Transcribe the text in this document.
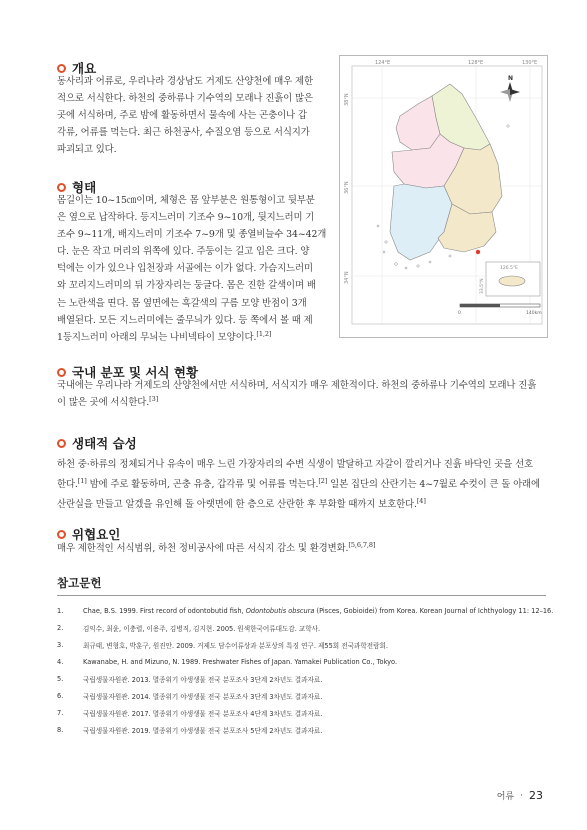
개요
동사리과 어류로, 우리나라 경상남도 거제도 산양천에 매우 제한
적으로 서식한다. 하천의 중하류나 기수역의 모래나 진흙이 많은
곳에 서식하며, 주로 밤에 활동하면서 물속에 사는 곤충이나 갑
각류, 어류를 먹는다. 최근 하천공사, 수질오염 등으로 서식지가
파괴되고 있다.
형태
몸길이는 10~15㎝이며, 체형은 몸 앞부분은 원통형이고 뒷부분
은 옆으로 납작하다. 등지느러미 기조수 9~10개, 뒷지느러미 기
조수 9~11개, 배지느러미 기조수 7~9개 및 종열비늘수 34~42개
다. 눈은 작고 머리의 위쪽에 있다. 주둥이는 길고 입은 크다. 양
턱에는 이가 있으나 입천장과 서골에는 이가 없다. 가슴지느러미
와 꼬리지느러미의 뒤 가장자리는 둥글다. 몸은 진한 갈색이며 배
는 노란색을 띤다. 몸 옆면에는 흑갈색의 구름 모양 반점이 3개
배열된다. 모든 지느러미에는 줄무늬가 있다. 등 쪽에서 볼 때 제
1등지느러미 아래의 무늬는 나비넥타이 모양이다.[1,2]
124°E	128°E	130°E
38°N
36°N
34°N
N
126.5°E
33.5°N
0	140km
국내 분포 및 서식 현황
국내에는 우리나라 거제도의 산양천에서만 서식하며, 서식지가 매우 제한적이다. 하천의 중하류나 기수역의 모래나 진흙
이 많은 곳에 서식한다.[3]
생태적 습성
하천 중·하류의 정체되거나 유속이 매우 느린 가장자리의 수변 식생이 발달하고 자갈이 깔리거나 진흙 바닥인 곳을 선호
한다.[1] 밤에 주로 활동하며, 곤충 유충, 갑각류 및 어류를 먹는다.[2] 일본 집단의 산란기는 4~7월로 수컷이 큰 돌 아래에
산란실을 만들고 알겠을 유인해 돌 아랫면에 한 층으로 산란한 후 부화할 때까지 보호한다.[4]
위협요인
매우 제한적인 서식범위, 하천 정비공사에 따른 서식지 감소 및 환경변화.[5,6,7,8]
참고문헌
1.	Chae, B.S. 1999. First record of odontobutid fish, Odontobutis obscura (Pisces, Gobioidei) from Korea. Korean Journal of Ichthyology 11: 12–16.
2.	김익수, 최윤, 이충렬, 이용주, 김병직, 김지현. 2005. 원색한국어류대도감. 교학사.
3.	최규태, 변형호, 박훈구, 원진안. 2009. 거제도 담수어류상과 분포상의 특징 연구. 제55회 전국과학전람회.
4.	Kawanabe, H. and Mizuno, N. 1989. Freshwater Fishes of Japan. Yamakei Publication Co., Tokyo.
5.	국립생물자원관. 2013. 멸종위기 야생생물 전국 분포조사 3단계 2차년도 결과자료.
6.	국립생물자원관. 2014. 멸종위기 야생생물 전국 분포조사 3단계 3차년도 결과자료.
7.	국립생물자원관. 2017. 멸종위기 야생생물 전국 분포조사 4단계 3차년도 결과자료.
8.	국립생물자원관. 2019. 멸종위기 야생생물 전국 분포조사 5단계 2차년도 결과자료.
어류 · 23
